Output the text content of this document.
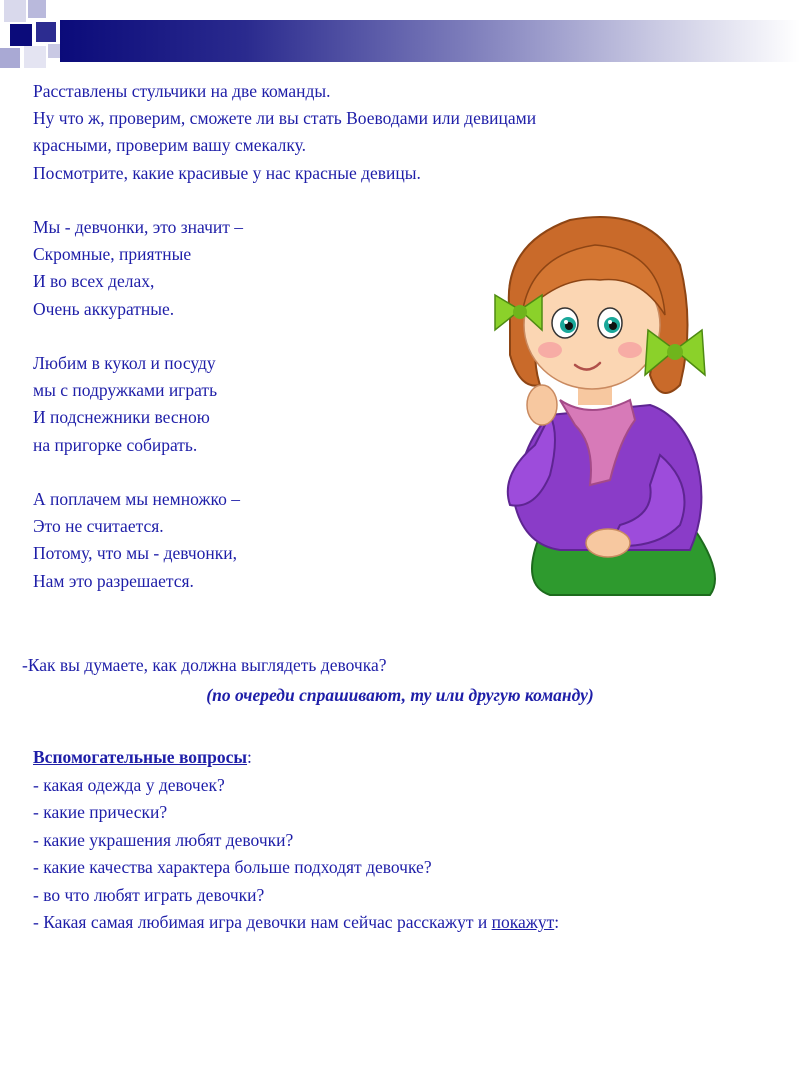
Расставлены стульчики на две команды.
Ну что ж, проверим, сможете ли вы стать Воеводами или девицами
красными, проверим вашу смекалку.
Посмотрите, какие красивые у нас красные девицы.
Мы - девчонки, это значит –
Скромные, приятные
И во всех делах,
Очень аккуратные.
Любим в кукол и посуду
мы с подружками играть
И подснежники весною
на пригорке собирать.
А поплачем мы немножко –
Это не считается.
Потому, что мы - девчонки,
Нам это разрешается.
-Как вы думаете, как должна выглядеть девочка?
(по очереди спрашивают, ту или другую команду)
Вспомогательные вопросы:
- какая одежда у девочек?
- какие прически?
- какие украшения любят девочки?
- какие качества характера больше подходят девочке?
- во что любят играть девочки?
- Какая самая любимая игра девочки нам сейчас расскажут и покажут:
